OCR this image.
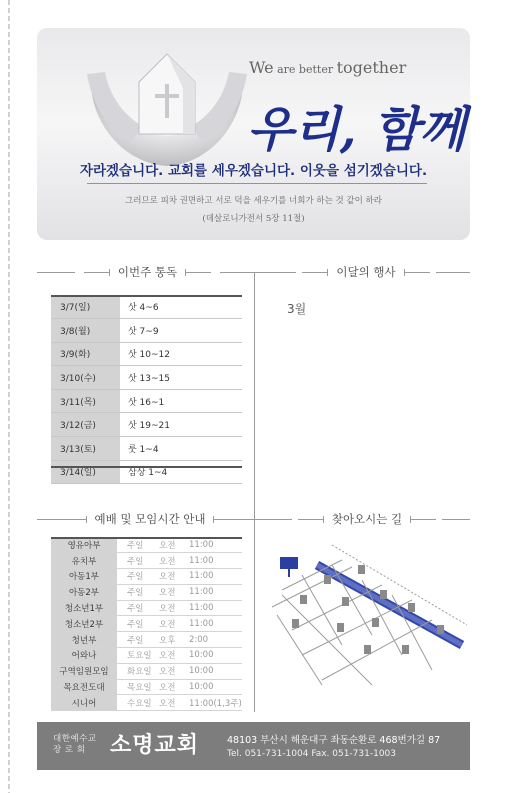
We are better together
우리, 함께
자라겠습니다. 교회를 세우겠습니다. 이웃을 섬기겠습니다.
그러므로 피차 권면하고 서로 덕을 세우기를 너희가 하는 것 같이 하라
(데살로니가전서 5장 11절)
이번주 통독	이달의 행사
예배 및 모임시간 안내	찾아오시는 길
3/7(일)	삿 4~6
3/8(월)	삿 7~9
3/9(화)	삿 10~12
3/10(수)	삿 13~15
3/11(목)	삿 16~1
3/12(금)	삿 19~21
3/13(토)	룻 1~4
3/14(일)	삼상 1~4
3월
영유아부	주일	오전	11:00
유치부	주일	오전	11:00
아동1부	주일	오전	11:00
아동2부	주일	오전	11:00
청소년1부	주일	오전	11:00
청소년2부	주일	오전	11:00
청년부	주일	오후	2:00
어와나	토요일	오전	10:00
구역임원모임	화요일	오전	10:00
목요전도대	목요일	오전	10:00
시니어	수요일	오전	11:00(1,3주)
대한예수교
장 로 회	소명교회	48103 부산시 해운대구 좌동순환로 468번가길 87
Tel. 051-731-1004 Fax. 051-731-1003
